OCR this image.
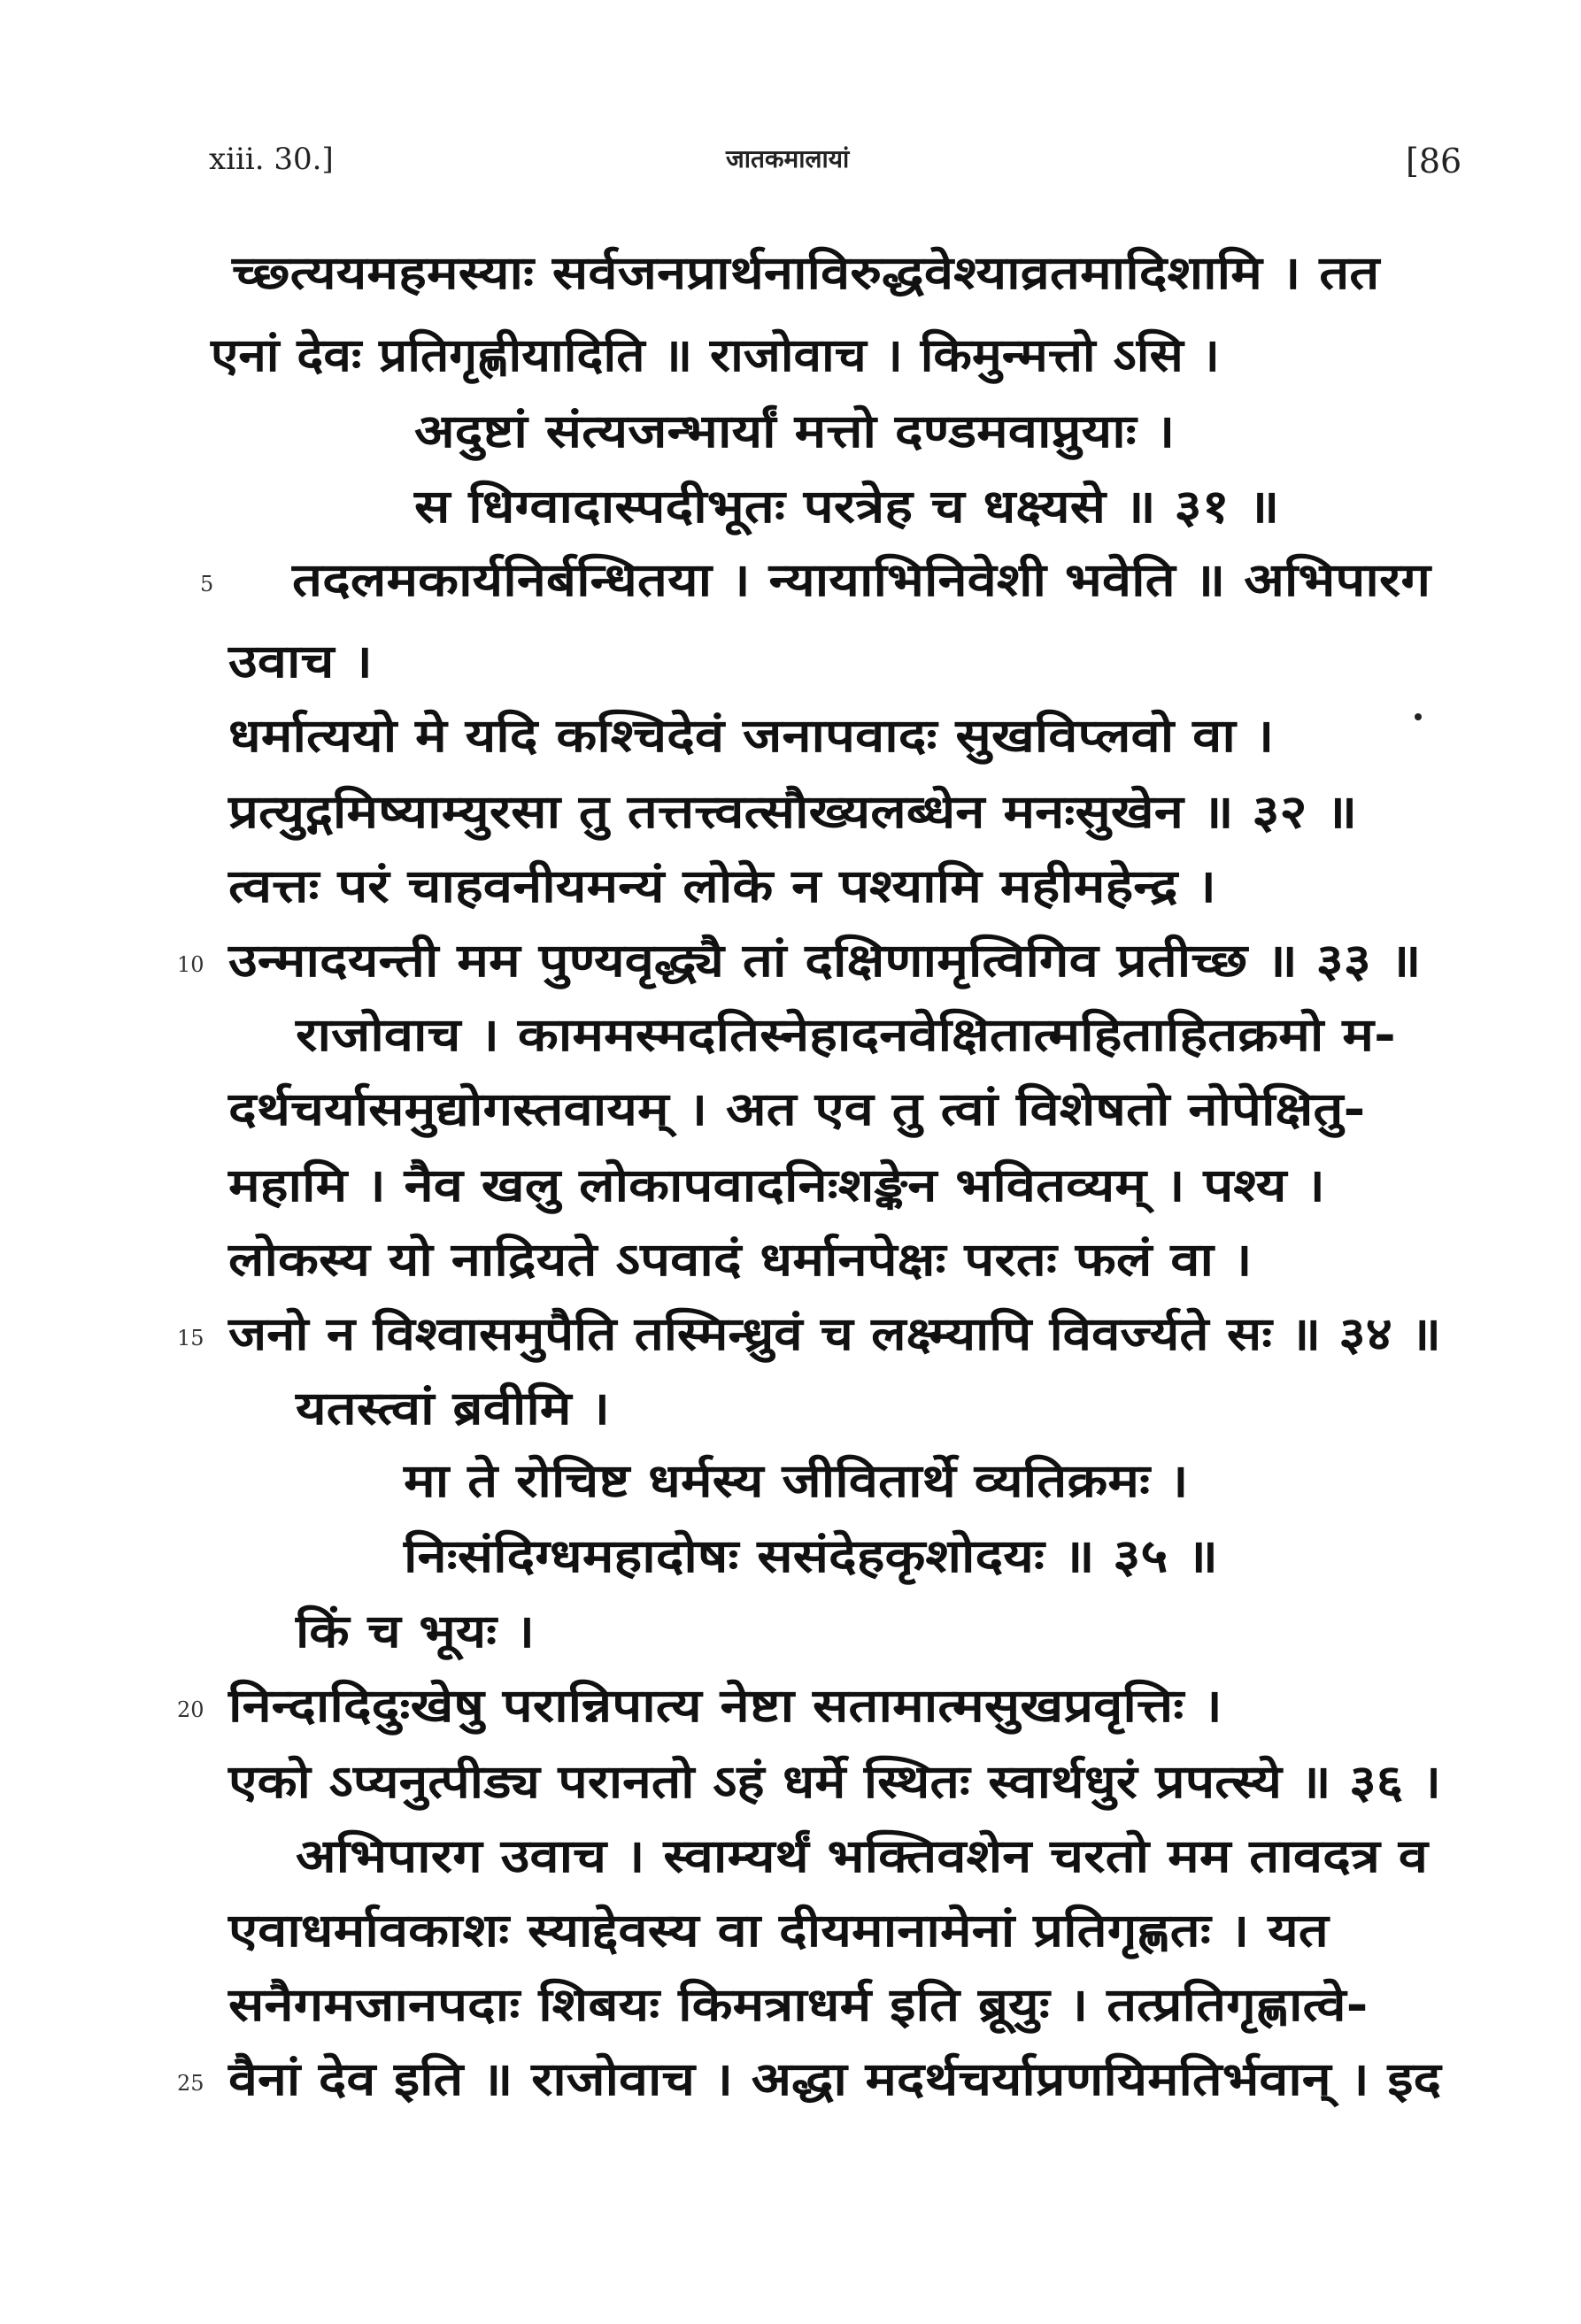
xiii. 30.]	जातकमालायां	[86
च्छ्त्ययमहमस्याः सर्वजनप्रार्थनाविरुद्धवेश्याव्रतमादिशामि । तत
एनां देवः प्रतिगृह्णीयादिति ॥ राजोवाच । किमुन्मत्तो ऽसि ।
अदुष्टां संत्यजन्भार्यां मत्तो दण्डमवाप्नुयाः ।
स धिग्वादास्पदीभूतः परत्रेह च धक्ष्यसे ॥ ३१ ॥
5 तदलमकार्यनिर्बन्धितया । न्यायाभिनिवेशी भवेति ॥ अभिपारग
उवाच ।
धर्मात्ययो मे यदि कश्चिदेवं जनापवादः सुखविप्लवो वा ।
प्रत्युद्गमिष्याम्युरसा तु तत्तत्त्वत्सौख्यलब्धेन मनःसुखेन ॥ ३२ ॥
त्वत्तः परं चाहवनीयमन्यं लोके न पश्यामि महीमहेन्द्र ।
10 उन्मादयन्ती मम पुण्यवृद्ध्यै तां दक्षिणामृत्विगिव प्रतीच्छ ॥ ३३ ॥
राजोवाच । काममस्मदतिस्नेहादनवेक्षितात्महिताहितक्रमो म-
दर्थचर्यासमुद्योगस्तवायम् । अत एव तु त्वां विशेषतो नोपेक्षितु-
महामि । नैव खलु लोकापवादनिःशङ्केन भवितव्यम् । पश्य ।
लोकस्य यो नाद्रियते ऽपवादं धर्मानपेक्षः परतः फलं वा ।
15 जनो न विश्वासमुपैति तस्मिन्ध्रुवं च लक्ष्म्यापि विवर्ज्यते सः ॥ ३४ ॥
यतस्त्वां ब्रवीमि ।
मा ते रोचिष्ट धर्मस्य जीवितार्थे व्यतिक्रमः ।
निःसंदिग्धमहादोषः ससंदेहकृशोदयः ॥ ३५ ॥
किं च भूयः ।
20 निन्दादिदुःखेषु परान्निपात्य नेष्टा सतामात्मसुखप्रवृत्तिः ।
एको ऽप्यनुत्पीड्य परानतो ऽहं धर्मे स्थितः स्वार्थधुरं प्रपत्स्ये ॥ ३६ ।
अभिपारग उवाच । स्वाम्यर्थं भक्तिवशेन चरतो मम तावदत्र व
एवाधर्मावकाशः स्याद्देवस्य वा दीयमानामेनां प्रतिगृह्णतः । यत
सनैगमजानपदाः शिबयः किमत्राधर्म इति ब्रूयुः । तत्प्रतिगृह्णात्वे-
25 वैनां देव इति ॥ राजोवाच । अद्धा मदर्थचर्याप्रणयिमतिर्भवान् । इद
